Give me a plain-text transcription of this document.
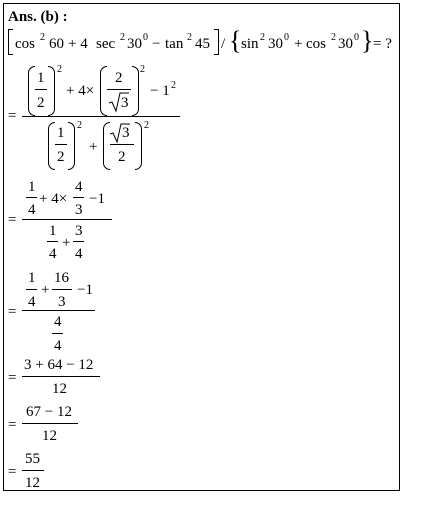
Ans. (b) :
cos 2 60 + 4 sec 2 30 0 − tan 2 45 / { sin 2 30 0 + cos 2 30 0 } = ?
=
1
2
2
+ 4×
2
3
2
− 1 2
1
2
2
+
3
2
2
=
1
4
+ 4×
4
3
−1
1
4
+
3
4
=
1
4
+
16
3
−1
4
4
=
3 + 64 − 12
12
=
67 − 12
12
=
55
12
